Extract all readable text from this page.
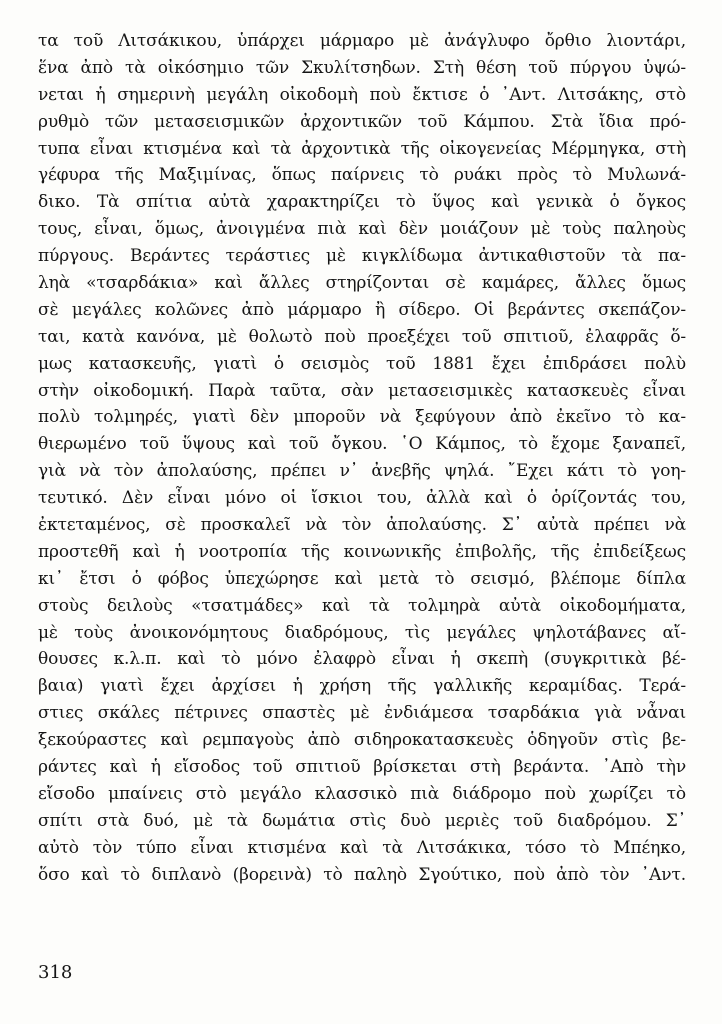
τα τοῦ Λιτσάκικου, ὑπάρχει μάρμαρο μὲ ἀνάγλυφο ὄρθιο λιοντάρι,
ἕνα ἀπὸ τὰ οἰκόσημιο τῶν Σκυλίτσηδων. Στὴ θέση τοῦ πύργου ὑψώ-
νεται ἡ σημερινὴ μεγάλη οἰκοδομὴ ποὺ ἔκτισε ὁ ᾿Αντ. Λιτσάκης, στὸ
ρυθμὸ τῶν μετασεισμικῶν ἀρχοντικῶν τοῦ Κάμπου. Στὰ ἴδια πρό-
τυπα εἶναι κτισμένα καὶ τὰ ἀρχοντικὰ τῆς οἰκογενείας Μέρμηγκα, στὴ
γέφυρα τῆς Μαξιμίνας, ὅπως παίρνεις τὸ ρυάκι πρὸς τὸ Μυλωνά-
δικο. Τὰ σπίτια αὐτὰ χαρακτηρίζει τὸ ὕψος καὶ γενικὰ ὁ ὄγκος
τους, εἶναι, ὅμως, ἀνοιγμένα πιὰ καὶ δὲν μοιάζουν μὲ τοὺς παληοὺς
πύργους. Βεράντες τεράστιες μὲ κιγκλίδωμα ἀντικαθιστοῦν τὰ πα-
ληὰ «τσαρδάκια» καὶ ἄλλες στηρίζονται σὲ καμάρες, ἄλλες ὅμως
σὲ μεγάλες κολῶνες ἀπὸ μάρμαρο ἢ σίδερο. Οἱ βεράντες σκεπάζον-
ται, κατὰ κανόνα, μὲ θολωτὸ ποὺ προεξέχει τοῦ σπιτιοῦ, ἐλαφρᾶς ὅ-
μως κατασκευῆς, γιατὶ ὁ σεισμὸς τοῦ 1881 ἔχει ἐπιδράσει πολὺ
στὴν οἰκοδομική. Παρὰ ταῦτα, σὰν μετασεισμικὲς κατασκευὲς εἶναι
πολὺ τολμηρές, γιατὶ δὲν μποροῦν νὰ ξεφύγουν ἀπὸ ἐκεῖνο τὸ κα-
θιερωμένο τοῦ ὕψους καὶ τοῦ ὄγκου. ῾Ο Κάμπος, τὸ ἔχομε ξαναπεῖ,
γιὰ νὰ τὸν ἀπολαύσης, πρέπει ν᾿ ἀνεβῆς ψηλά. ῎Εχει κάτι τὸ γοη-
τευτικό. Δὲν εἶναι μόνο οἱ ἴσκιοι του, ἀλλὰ καὶ ὁ ὁρίζοντάς του,
ἐκτεταμένος, σὲ προσκαλεῖ νὰ τὸν ἀπολαύσης. Σ᾿ αὐτὰ πρέπει νὰ
προστεθῆ καὶ ἡ νοοτροπία τῆς κοινωνικῆς ἐπιβολῆς, τῆς ἐπιδείξεως
κι᾿ ἔτσι ὁ φόβος ὑπεχώρησε καὶ μετὰ τὸ σεισμό, βλέπομε δίπλα
στοὺς δειλοὺς «τσατμάδες» καὶ τὰ τολμηρὰ αὐτὰ οἰκοδομήματα,
μὲ τοὺς ἀνοικονόμητους διαδρόμους, τὶς μεγάλες ψηλοτάβανες αἴ-
θουσες κ.λ.π. καὶ τὸ μόνο ἐλαφρὸ εἶναι ἡ σκεπὴ (συγκριτικὰ βέ-
βαια) γιατὶ ἔχει ἀρχίσει ἡ χρήση τῆς γαλλικῆς κεραμίδας. Τερά-
στιες σκάλες πέτρινες σπαστὲς μὲ ἐνδιάμεσα τσαρδάκια γιὰ νἆναι
ξεκούραστες καὶ ρεμπαγοὺς ἀπὸ σιδηροκατασκευὲς ὁδηγοῦν στὶς βε-
ράντες καὶ ἡ εἴσοδος τοῦ σπιτιοῦ βρίσκεται στὴ βεράντα. ᾿Απὸ τὴν
εἴσοδο μπαίνεις στὸ μεγάλο κλασσικὸ πιὰ διάδρομο ποὺ χωρίζει τὸ
σπίτι στὰ δυό, μὲ τὰ δωμάτια στὶς δυὸ μεριὲς τοῦ διαδρόμου. Σ᾿
αὐτὸ τὸν τύπο εἶναι κτισμένα καὶ τὰ Λιτσάκικα, τόσο τὸ Μπέηκο,
ὅσο καὶ τὸ διπλανὸ (βορεινὰ) τὸ παληὸ Σγούτικο, ποὺ ἀπὸ τὸν ᾿Αντ.
318
